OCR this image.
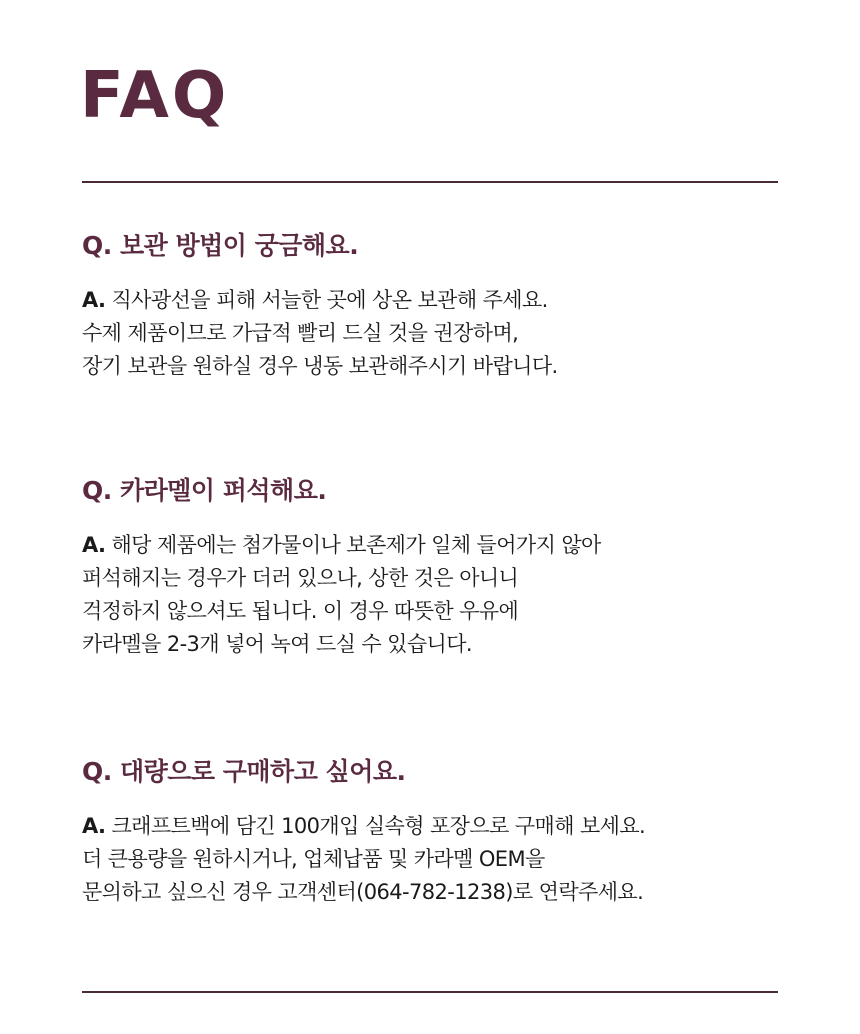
FAQ
Q. 보관 방법이 궁금해요.

A. 직사광선을 피해 서늘한 곳에 상온 보관해 주세요.
수제 제품이므로 가급적 빨리 드실 것을 권장하며,
장기 보관을 원하실 경우 냉동 보관해주시기 바랍니다.

Q. 카라멜이 퍼석해요.

A. 해당 제품에는 첨가물이나 보존제가 일체 들어가지 않아
퍼석해지는 경우가 더러 있으나, 상한 것은 아니니
걱정하지 않으셔도 됩니다. 이 경우 따뜻한 우유에
카라멜을 2-3개 넣어 녹여 드실 수 있습니다.

Q. 대량으로 구매하고 싶어요.

A. 크래프트백에 담긴 100개입 실속형 포장으로 구매해 보세요.
더 큰용량을 원하시거나, 업체납품 및 카라멜 OEM을
문의하고 싶으신 경우 고객센터(064-782-1238)로 연락주세요.
